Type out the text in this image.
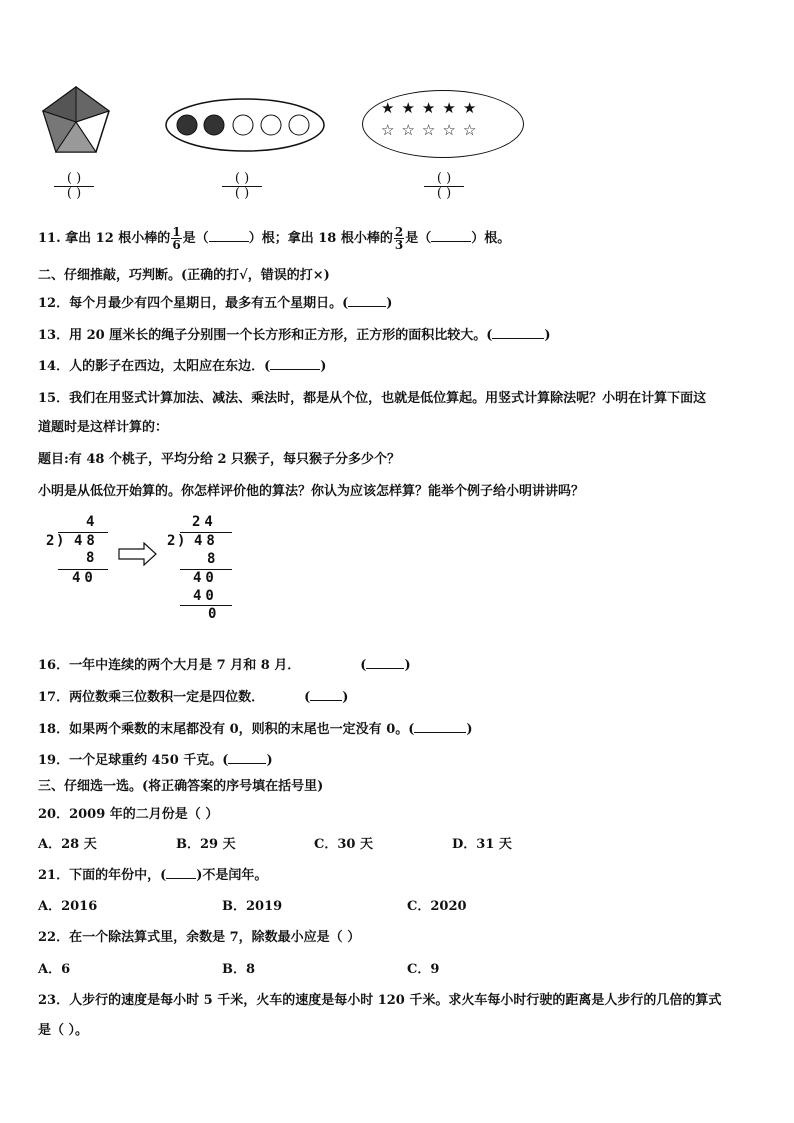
( )
( )
( )
( )
★★★★★
☆☆☆☆☆
( )
( )
11. 拿出 12 根小棒的 $\frac{1}{6}$ 是（	）根；拿出 18 根小棒的 $\frac{2}{3}$ 是（	）根。
二、仔细推敲，巧判断。(正确的打√，错误的打×)
12．每个月最少有四个星期日，最多有五个星期日。(	)
13．用 20 厘米长的绳子分别围一个长方形和正方形，正方形的面积比较大。(	)
14．人的影子在西边，太阳应在东边．(	)
15．我们在用竖式计算加法、减法、乘法时，都是从个位，也就是低位算起。用竖式计算除法呢？小明在计算下面这
道题时是这样计算的：
题目:有 48 个桃子，平均分给 2 只猴子，每只猴子分多少个？
小明是从低位开始算的。你怎样评价他的算法？你认为应该怎样算？能举个例子给小明讲讲吗？
4
2 ) 48
8
40
24
2 ) 48
8
40
40
0
16．一年中连续的两个大月是 7 月和 8 月．	(	)
17．两位数乘三位数积一定是四位数．	( )
18．如果两个乘数的末尾都没有 0，则积的末尾也一定没有 0。(	)
19．一个足球重约 450 千克。(	)
三、仔细选一选。(将正确答案的序号填在括号里)
20．2009 年的二月份是（ ）
A．28 天	B．29 天	C．30 天	D．31 天
21．下面的年份中，( )不是闰年。
A．2016	B．2019	C．2020
22．在一个除法算式里，余数是 7，除数最小应是（ ）
A．6	B．8	C．9
23．人步行的速度是每小时 5 千米，火车的速度是每小时 120 千米。求火车每小时行驶的距离是人步行的几倍的算式
是（ ）。
